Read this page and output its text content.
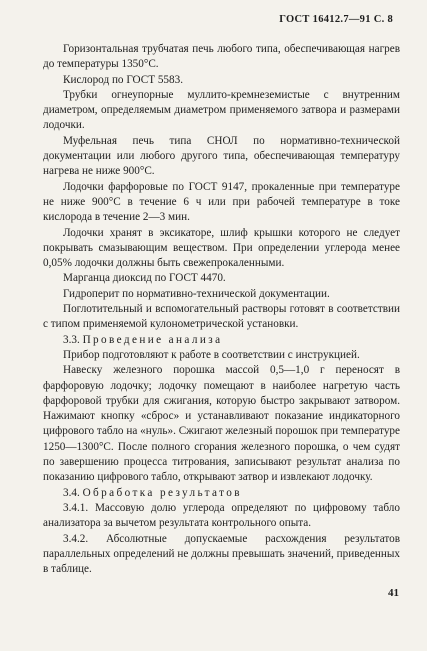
ГОСТ 16412.7—91 С. 8

Горизонтальная трубчатая печь любого типа, обеспечивающая нагрев до температуры 1350°С.

Кислород по ГОСТ 5583.

Трубки огнеупорные муллито-кремнеземистые с внутренним диаметром, определяемым диаметром применяемого затвора и размерами лодочки.

Муфельная печь типа СНОЛ по нормативно-технической документации или любого другого типа, обеспечивающая температуру нагрева не ниже 900°С.

Лодочки фарфоровые по ГОСТ 9147, прокаленные при температуре не ниже 900°С в течение 6 ч или при рабочей температуре в токе кислорода в течение 2—3 мин.

Лодочки хранят в эксикаторе, шлиф крышки которого не следует покрывать смазывающим веществом. При определении углерода менее 0,05% лодочки должны быть свежепрокаленными.

Марганца диоксид по ГОСТ 4470.

Гидроперит по нормативно-технической документации.

Поглотительный и вспомогательный растворы готовят в соответствии с типом применяемой кулонометрической установки.

3.3. Проведение анализа

Прибор подготовляют к работе в соответствии с инструкцией.

Навеску железного порошка массой 0,5—1,0 г переносят в фарфоровую лодочку; лодочку помещают в наиболее нагретую часть фарфоровой трубки для сжигания, которую быстро закрывают затвором. Нажимают кнопку «сброс» и устанавливают показание индикаторного цифрового табло на «нуль». Сжигают железный порошок при температуре 1250—1300°С. После полного сгорания железного порошка, о чем судят по завершению процесса титрования, записывают результат анализа по показанию цифрового табло, открывают затвор и извлекают лодочку.

3.4. Обработка результатов

3.4.1. Массовую долю углерода определяют по цифровому табло анализатора за вычетом результата контрольного опыта.

3.4.2. Абсолютные допускаемые расхождения результатов параллельных определений не должны превышать значений, приведенных в таблице.

41
